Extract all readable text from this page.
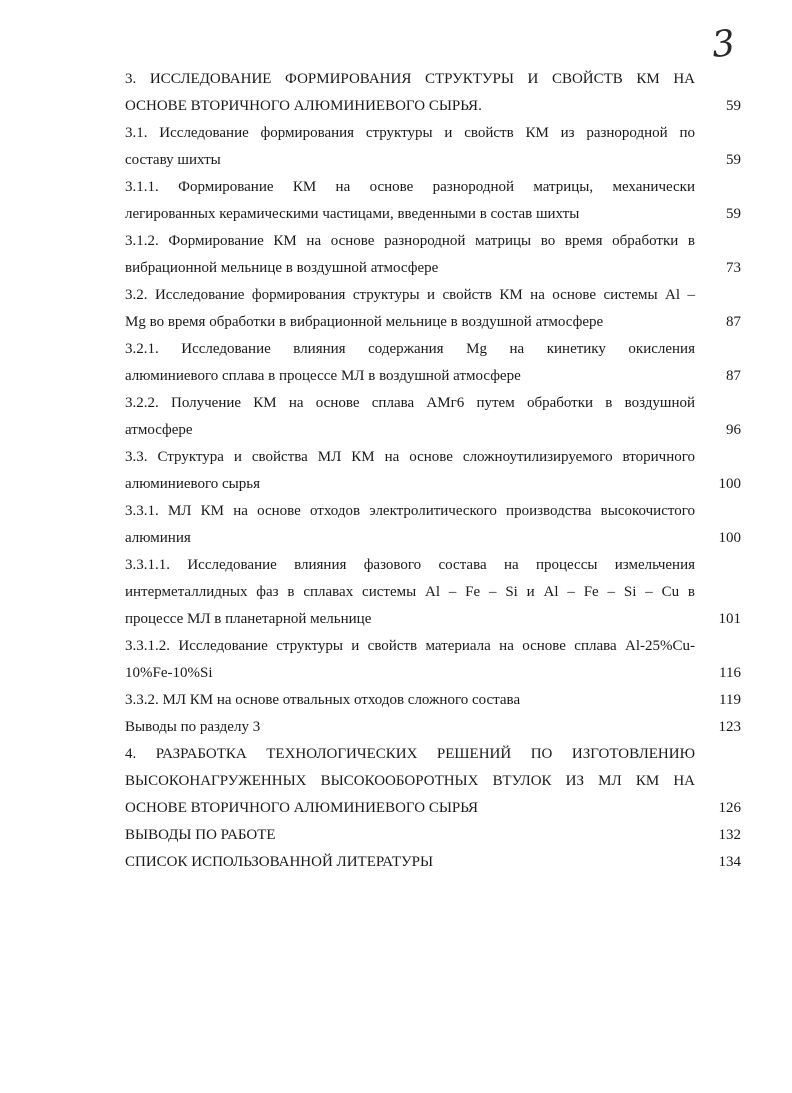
3
3. ИССЛЕДОВАНИЕ ФОРМИРОВАНИЯ СТРУКТУРЫ И СВОЙСТВ КМ НА
ОСНОВЕ ВТОРИЧНОГО АЛЮМИНИЕВОГО СЫРЬЯ.	59
3.1. Исследование формирования структуры и свойств КМ из разнородной по
составу шихты	59
3.1.1. Формирование КМ на основе разнородной матрицы, механически
легированных керамическими частицами, введенными в состав шихты	59
3.1.2. Формирование КМ на основе разнородной матрицы во время обработки в
вибрационной мельнице в воздушной атмосфере	73
3.2. Исследование формирования структуры и свойств КМ на основе системы Al –
Mg во время обработки в вибрационной мельнице в воздушной атмосфере	87
3.2.1. Исследование влияния содержания Mg на кинетику окисления
алюминиевого сплава в процессе МЛ в воздушной атмосфере	87
3.2.2. Получение КМ на основе сплава АМг6 путем обработки в воздушной
атмосфере	96
3.3. Структура и свойства МЛ КМ на основе сложноутилизируемого вторичного
алюминиевого сырья	100
3.3.1. МЛ КМ на основе отходов электролитического производства высокочистого
алюминия	100
3.3.1.1. Исследование влияния фазового состава на процессы измельчения
интерметаллидных фаз в сплавах системы Al – Fe – Si и Al – Fe – Si – Cu в
процессе МЛ в планетарной мельнице	101
3.3.1.2. Исследование структуры и свойств материала на основе сплава Al-25%Cu-
10%Fe-10%Si	116
3.3.2. МЛ КМ на основе отвальных отходов сложного состава	119
Выводы по разделу 3	123
4. РАЗРАБОТКА ТЕХНОЛОГИЧЕСКИХ РЕШЕНИЙ ПО ИЗГОТОВЛЕНИЮ
ВЫСОКОНАГРУЖЕННЫХ ВЫСОКООБОРОТНЫХ ВТУЛОК ИЗ МЛ КМ НА
ОСНОВЕ ВТОРИЧНОГО АЛЮМИНИЕВОГО СЫРЬЯ	126
ВЫВОДЫ ПО РАБОТЕ	132
СПИСОК ИСПОЛЬЗОВАННОЙ ЛИТЕРАТУРЫ	134
